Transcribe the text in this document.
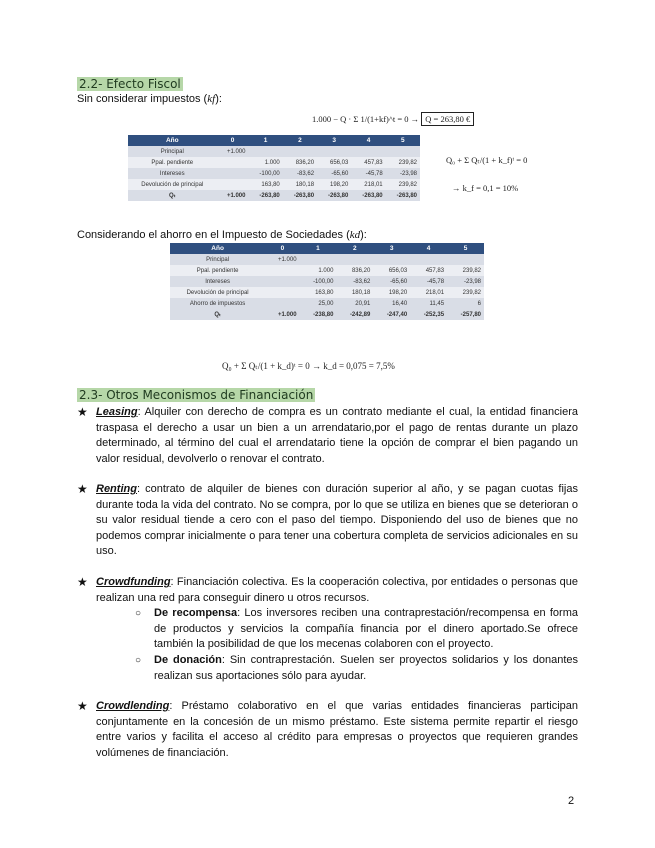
2.2- Efecto Fiscol
Sin considerar impuestos (kf):
1.000 − Q · Σ 1/(1+kf)^t = 0 → Q = 263,80 €
Año	0	1	2	3	4	5
Principal	+1.000					
Ppal. pendiente		1.000	836,20	656,03	457,83	239,82
Intereses		-100,00	-83,62	-65,60	-45,78	-23,98
Devolución de principal		163,80	180,18	198,20	218,01	239,82
Qₜ	+1.000	-263,80	-263,80	-263,80	-263,80	-263,80
Q₀ + Σ Qₜ/(1 + k_f)ᵗ = 0
→ k_f = 0,1 = 10%
Considerando el ahorro en el Impuesto de Sociedades (kd):
Año	0	1	2	3	4	5
Principal	+1.000					
Ppal. pendiente		1.000	836,20	656,03	457,83	239,82
Intereses		-100,00	-83,62	-65,60	-45,78	-23,98
Devolución de principal		163,80	180,18	198,20	218,01	239,82
Ahorro de impuestos		25,00	20,91	16,40	11,45	6
Qₜ	+1.000	-238,80	-242,89	-247,40	-252,35	-257,80
Q₀ + Σ Qₜ/(1 + k_d)ᵗ = 0 → k_d = 0,075 = 7,5%
2.3- Otros Meconismos de Financiación
★ Leasing: Alquiler con derecho de compra es un contrato mediante el cual, la entidad financiera traspasa el derecho a usar un bien a un arrendatario,por el pago de rentas durante un plazo determinado, al término del cual el arrendatario tiene la opción de comprar el bien pagando un valor residual, devolverlo o renovar el contrato.
★ Renting: contrato de alquiler de bienes con duración superior al año, y se pagan cuotas fijas durante toda la vida del contrato. No se compra, por lo que se utiliza en bienes que se deterioran o su valor residual tiende a cero con el paso del tiempo. Disponiendo del uso de bienes que no podemos comprar inicialmente o para tener una cobertura completa de servicios adicionales en su uso.
★ Crowdfunding: Financiación colectiva. Es la cooperación colectiva, por entidades o personas que realizan una red para conseguir dinero u otros recursos.
○ De recompensa: Los inversores reciben una contraprestación/recompensa en forma de productos y servicios la compañía financia por el dinero aportado.Se ofrece también la posibilidad de que los mecenas colaboren con el proyecto.
○ De donación: Sin contraprestación. Suelen ser proyectos solidarios y los donantes realizan sus aportaciones sólo para ayudar.
★ Crowdlending: Préstamo colaborativo en el que varias entidades financieras participan conjuntamente en la concesión de un mismo préstamo. Este sistema permite repartir el riesgo entre varios y facilita el acceso al crédito para empresas o proyectos que requieren grandes volúmenes de financiación.
2
